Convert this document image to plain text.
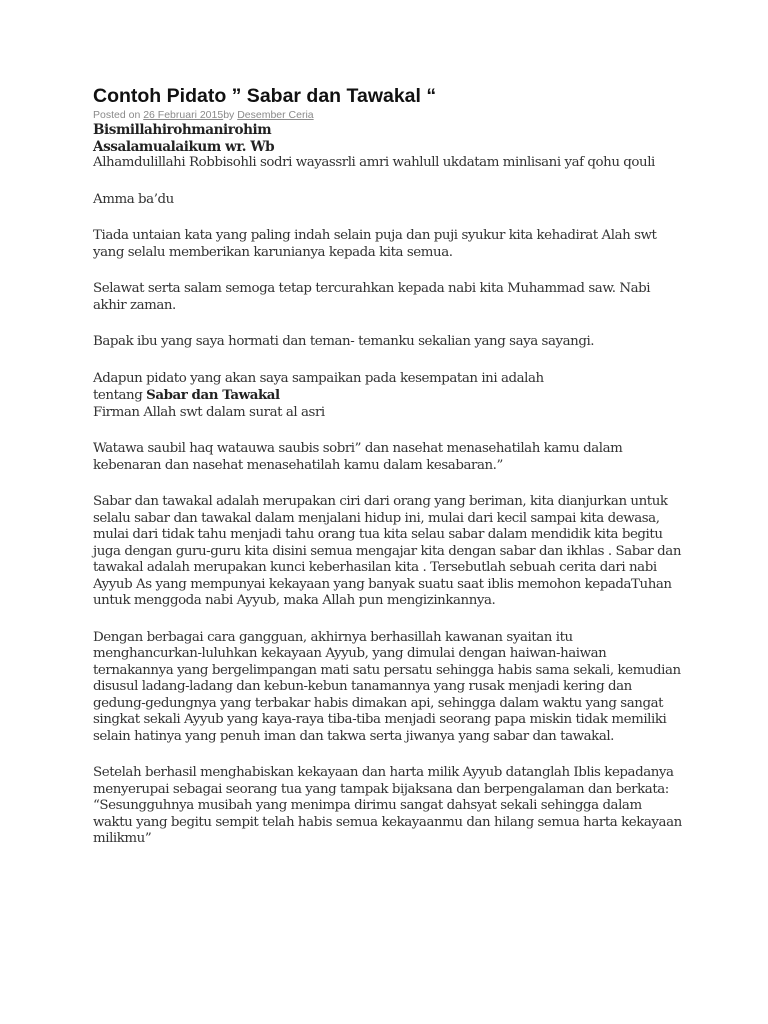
Contoh Pidato ” Sabar dan Tawakal “
Posted on 26 Februari 2015by Desember Ceria
Bismillahirohmanirohim
Assalamualaikum wr. Wb

Alhamdulillahi Robbisohli sodri wayassrli amri wahlull ukdatam minlisani yaf qohu qouli

Amma ba’du

Tiada untaian kata yang paling indah selain puja dan puji syukur kita kehadirat Alah swt yang selalu memberikan karunianya kepada kita semua.

Selawat serta salam semoga tetap tercurahkan kepada nabi kita Muhammad saw. Nabi akhir zaman.

Bapak ibu yang saya hormati dan teman- temanku sekalian yang saya sayangi.

Adapun pidato yang akan saya sampaikan pada kesempatan ini adalah
tentang Sabar dan Tawakal

Firman Allah swt dalam surat al asri

Watawa saubil haq watauwa saubis sobri” dan nasehat menasehatilah kamu dalam kebenaran dan nasehat menasehatilah kamu dalam kesabaran.”

Sabar dan tawakal adalah merupakan ciri dari orang yang beriman, kita dianjurkan untuk selalu sabar dan tawakal dalam menjalani hidup ini, mulai dari kecil sampai kita dewasa, mulai dari tidak tahu menjadi tahu orang tua kita selau sabar dalam mendidik kita begitu juga dengan guru-guru kita disini semua mengajar kita dengan sabar dan ikhlas . Sabar dan tawakal adalah merupakan kunci keberhasilan kita . Tersebutlah sebuah cerita dari nabi Ayyub As yang mempunyai kekayaan yang banyak suatu saat iblis memohon kepadaTuhan untuk menggoda nabi Ayyub, maka Allah pun mengizinkannya.

Dengan berbagai cara gangguan, akhirnya berhasillah kawanan syaitan itu menghancurkan-luluhkan kekayaan Ayyub, yang dimulai dengan haiwan-haiwan ternakannya yang bergelimpangan mati satu persatu sehingga habis sama sekali, kemudian disusul ladang-ladang dan kebun-kebun tanamannya yang rusak menjadi kering dan gedung-gedungnya yang terbakar habis dimakan api, sehingga dalam waktu yang sangat singkat sekali Ayyub yang kaya-raya tiba-tiba menjadi seorang papa miskin tidak memiliki selain hatinya yang penuh iman dan takwa serta jiwanya yang sabar dan tawakal.

Setelah berhasil menghabiskan kekayaan dan harta milik Ayyub datanglah Iblis kepadanya menyerupai sebagai seorang tua yang tampak bijaksana dan berpengalaman dan berkata: “Sesungguhnya musibah yang menimpa dirimu sangat dahsyat sekali sehingga dalam waktu yang begitu sempit telah habis semua kekayaanmu dan hilang semua harta kekayaan milikmu”
